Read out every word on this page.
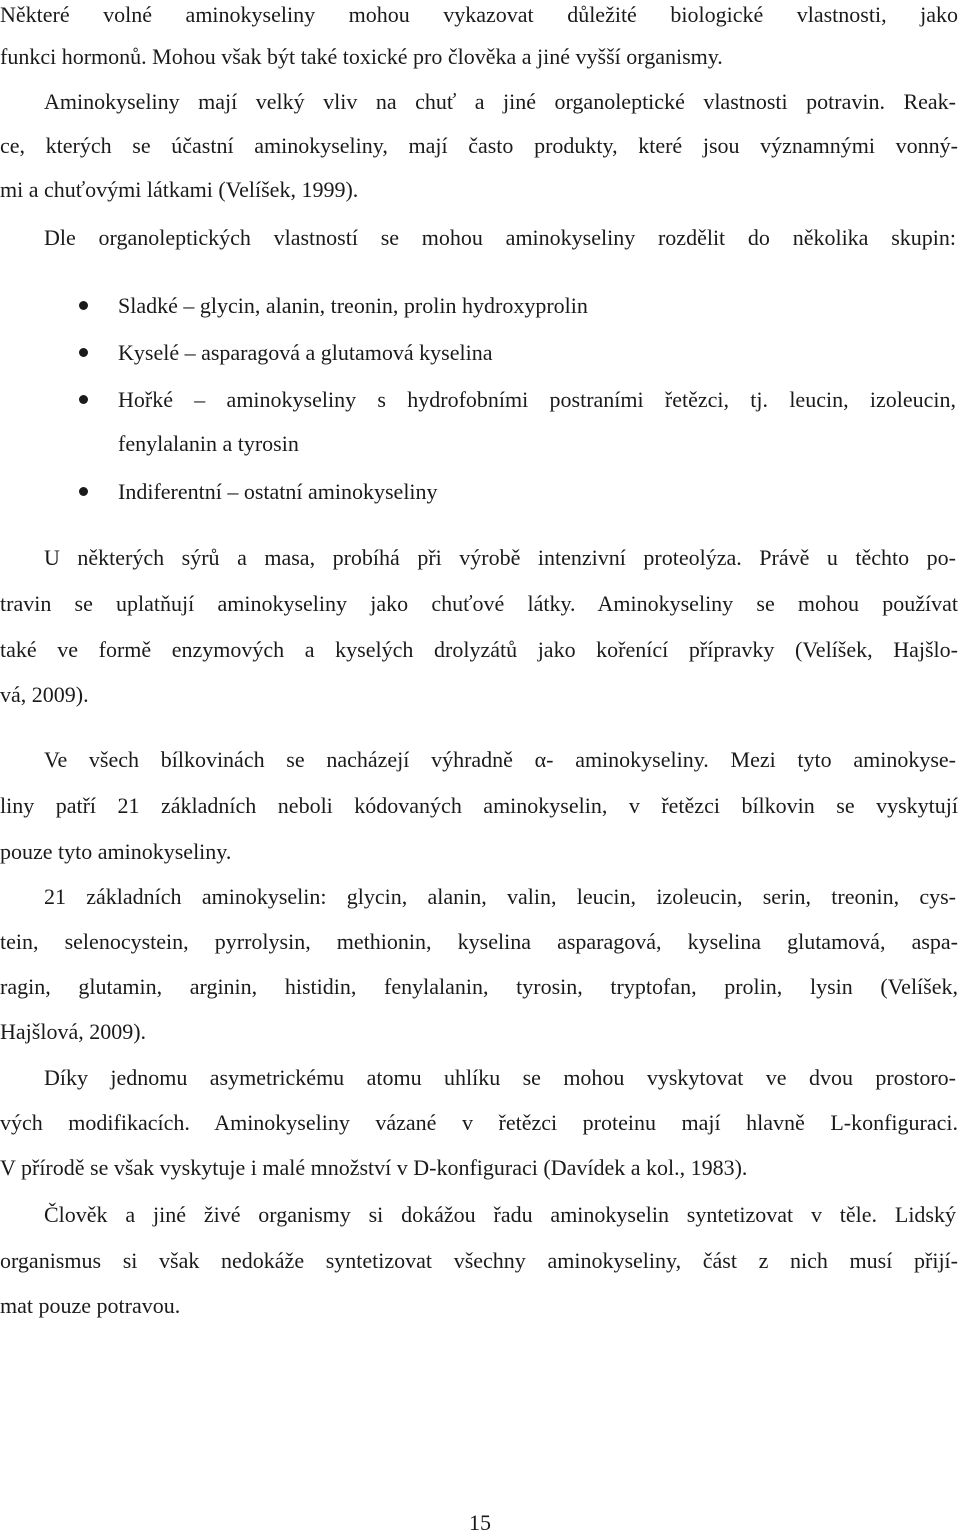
Některé volné aminokyseliny mohou vykazovat důležité biologické vlastnosti, jako
funkci hormonů. Mohou však být také toxické pro člověka a jiné vyšší organismy.
Aminokyseliny mají velký vliv na chuť a jiné organoleptické vlastnosti potravin. Reak-
ce, kterých se účastní aminokyseliny, mají často produkty, které jsou významnými vonný-
mi a chuťovými látkami (Velíšek, 1999).
Dle organoleptických vlastností se mohou aminokyseliny rozdělit do několika skupin:
Sladké – glycin, alanin, treonin, prolin hydroxyprolin
Kyselé – asparagová a glutamová kyselina
Hořké – aminokyseliny s hydrofobními postraními řetězci, tj. leucin, izoleucin,
fenylalanin a tyrosin
Indiferentní – ostatní aminokyseliny
U některých sýrů a masa, probíhá při výrobě intenzivní proteolýza. Právě u těchto po-
travin se uplatňují aminokyseliny jako chuťové látky. Aminokyseliny se mohou používat
také ve formě enzymových a kyselých drolyzátů jako kořenící přípravky (Velíšek, Hajšlo-
vá, 2009).
Ve všech bílkovinách se nacházejí výhradně α- aminokyseliny. Mezi tyto aminokyse-
liny patří 21 základních neboli kódovaných aminokyselin, v řetězci bílkovin se vyskytují
pouze tyto aminokyseliny.
21 základních aminokyselin: glycin, alanin, valin, leucin, izoleucin, serin, treonin, cys-
tein, selenocystein, pyrrolysin, methionin, kyselina asparagová, kyselina glutamová, aspa-
ragin, glutamin, arginin, histidin, fenylalanin, tyrosin, tryptofan, prolin, lysin (Velíšek,
Hajšlová, 2009).
Díky jednomu asymetrickému atomu uhlíku se mohou vyskytovat ve dvou prostoro-
vých modifikacích. Aminokyseliny vázané v řetězci proteinu mají hlavně L-konfiguraci.
V přírodě se však vyskytuje i malé množství v D-konfiguraci (Davídek a kol., 1983).
Člověk a jiné živé organismy si dokážou řadu aminokyselin syntetizovat v těle. Lidský
organismus si však nedokáže syntetizovat všechny aminokyseliny, část z nich musí přijí-
mat pouze potravou.
15
